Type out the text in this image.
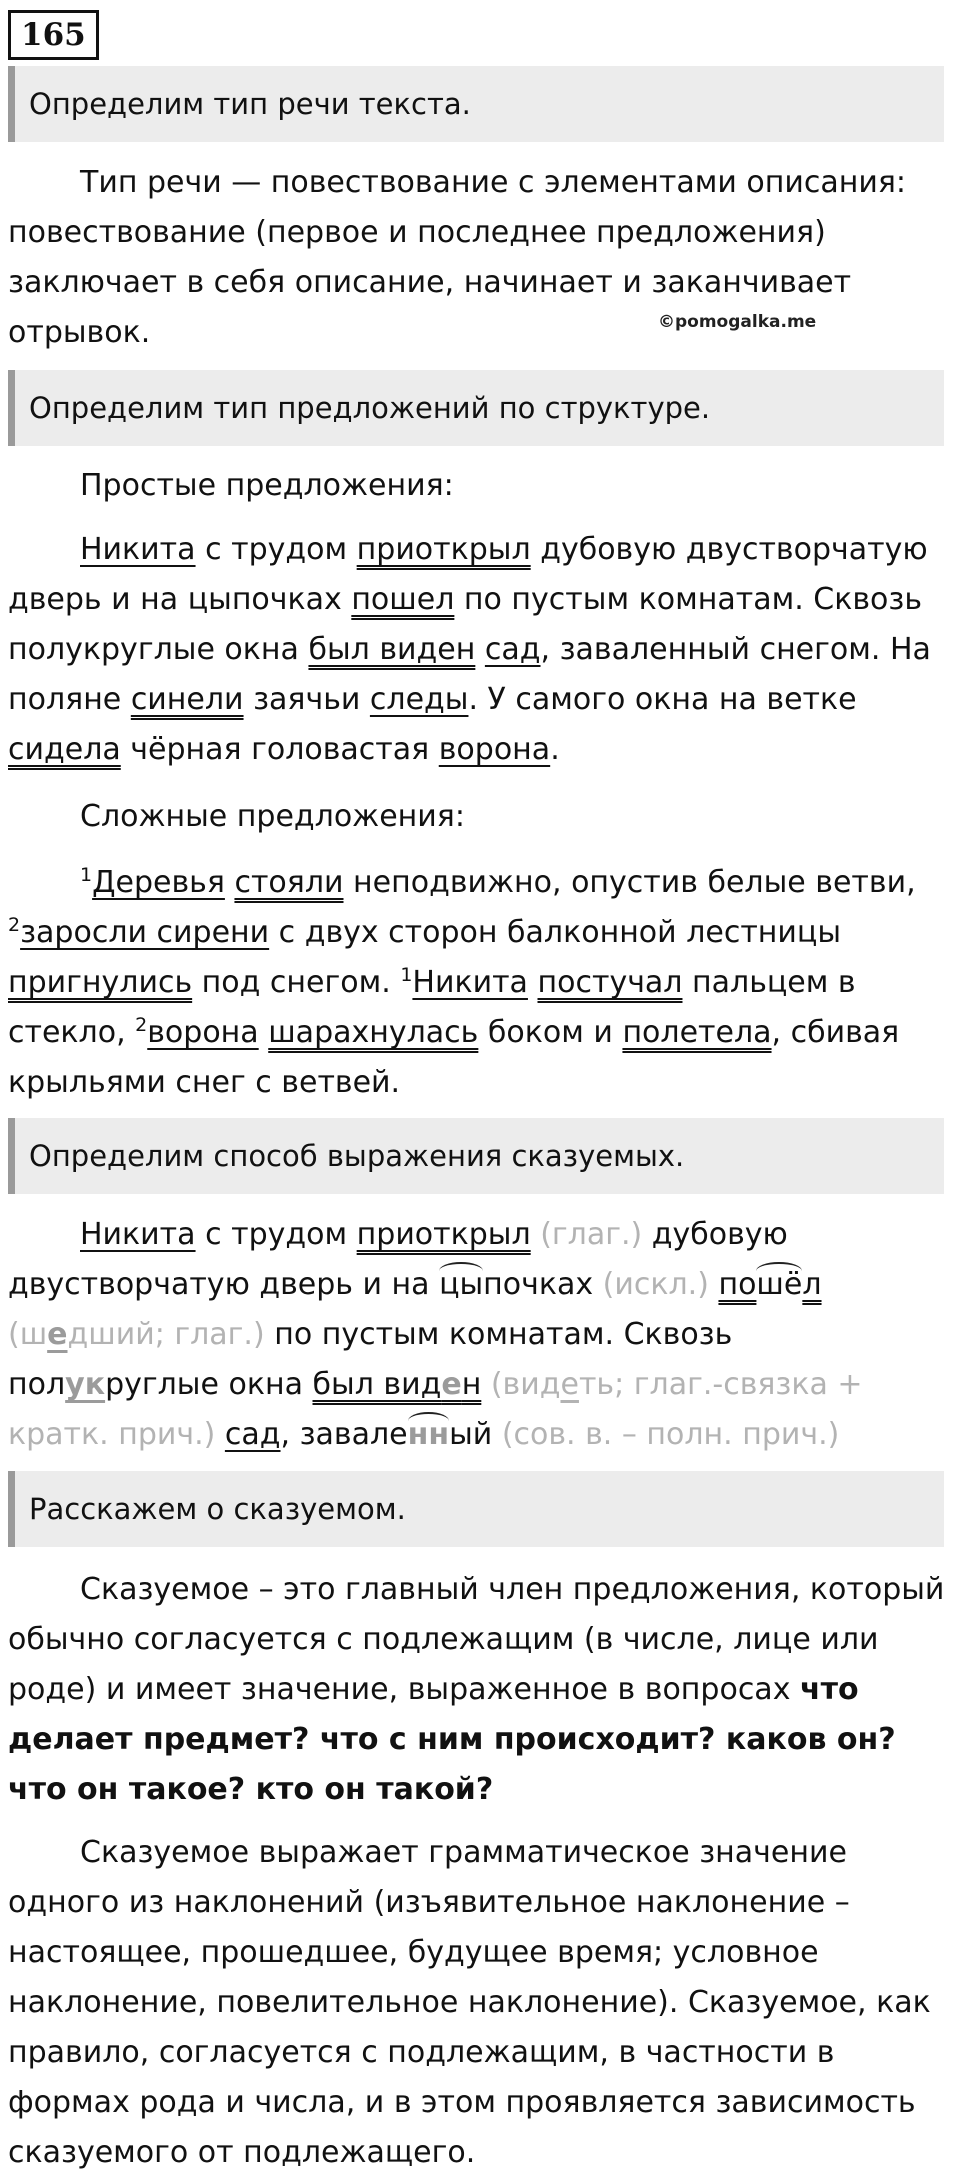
165
Определим тип речи текста.
Тип речи — повествование с элементами описания: повествование (первое и последнее предложения) заключает в себя описание, начинает и заканчивает отрывок.	©pomogalka.me
Определим тип предложений по структуре.
Простые предложения:
Никита с трудом приоткрыл дубовую двустворчатую дверь и на цыпочках пошел по пустым комнатам. Сквозь полукруглые окна был виден сад, заваленный снегом. На поляне синели заячьи следы. У самого окна на ветке сидела чёрная головастая ворона.
Сложные предложения:
$^1$Деревья стояли неподвижно, опустив белые ветви, $^2$заросли сирени с двух сторон балконной лестницы пригнулись под снегом. $^1$Никита постучал пальцем в стекло, $^2$ворона шарахнулась боком и полетела, сбивая крыльями снег с ветвей.
Определим способ выражения сказуемых.
Никита с трудом приоткрыл (глаг.) дубовую двустворчатую дверь и на цыпочках (искл.) пошёл (шедший; глаг.) по пустым комнатам. Сквозь полукруглые окна был виден (видеть; глаг.-связка + кратк. прич.) сад, заваленный (сов. в. – полн. прич.)
Расскажем о сказуемом.
Сказуемое – это главный член предложения, который обычно согласуется с подлежащим (в числе, лице или роде) и имеет значение, выраженное в вопросах что делает предмет? что с ним происходит? каков он? что он такое? кто он такой?
Сказуемое выражает грамматическое значение одного из наклонений (изъявительное наклонение – настоящее, прошедшее, будущее время; условное наклонение, повелительное наклонение). Сказуемое, как правило, согласуется с подлежащим, в частности в формах рода и числа, и в этом проявляется зависимость сказуемого от подлежащего.
